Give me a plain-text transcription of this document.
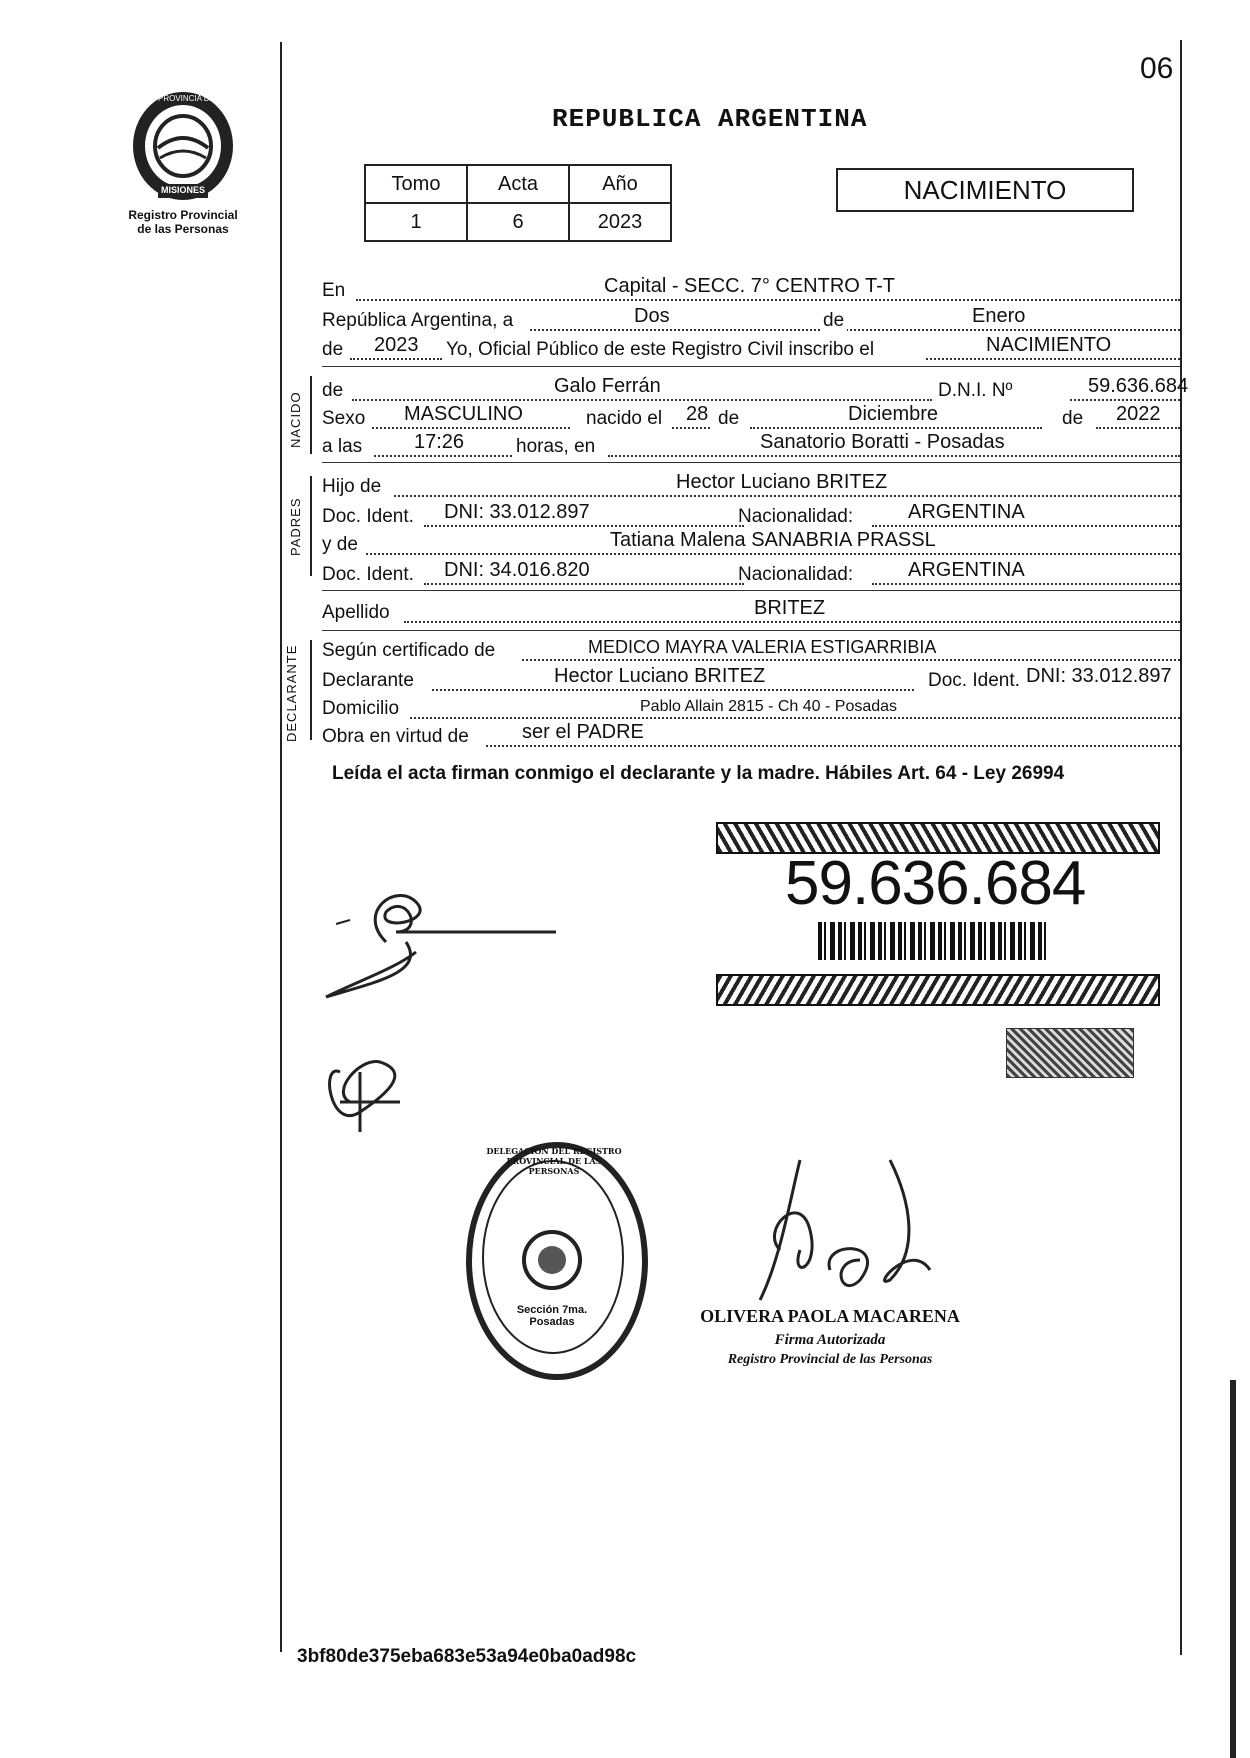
06
PROVINCIA DE
MISIONES
Registro Provincial
de las Personas
REPUBLICA ARGENTINA
Tomo	Acta	Año
1	6	2023
NACIMIENTO
En	Capital - SECC. 7° CENTRO T-T
República Argentina, a	Dos	de	Enero
de 2023 Yo, Oficial Público de este Registro Civil inscribo el	NACIMIENTO
NACIDO
de	Galo Ferrán	D.N.I. Nº	59.636.684
Sexo MASCULINO	nacido el 28 de	Diciembre	de 2022
a las	17:26	horas, en	Sanatorio Boratti - Posadas
PADRES
Hijo de	Hector Luciano BRITEZ
Doc. Ident. DNI: 33.012.897	Nacionalidad:	ARGENTINA
y de	Tatiana Malena SANABRIA PRASSL
Doc. Ident. DNI: 34.016.820	Nacionalidad:	ARGENTINA
Apellido	BRITEZ
DECLARANTE Según certificado de	MEDICO MAYRA VALERIA ESTIGARRIBIA
Declarante	Hector Luciano BRITEZ	Doc. Ident. DNI: 33.012.897
Domicilio	Pablo Allain 2815 - Ch 40 - Posadas
Obra en virtud de	ser el PADRE
Leída el acta firman conmigo el declarante y la madre. Hábiles Art. 64 - Ley 26994
59.636.684
DELEGACION DEL REGISTRO PROVINCIAL DE LAS PERSONAS
Sección 7ma. Posadas	OLIVERA PAOLA MACARENA
Firma Autorizada
Registro Provincial de las Personas
3bf80de375eba683e53a94e0ba0ad98c
